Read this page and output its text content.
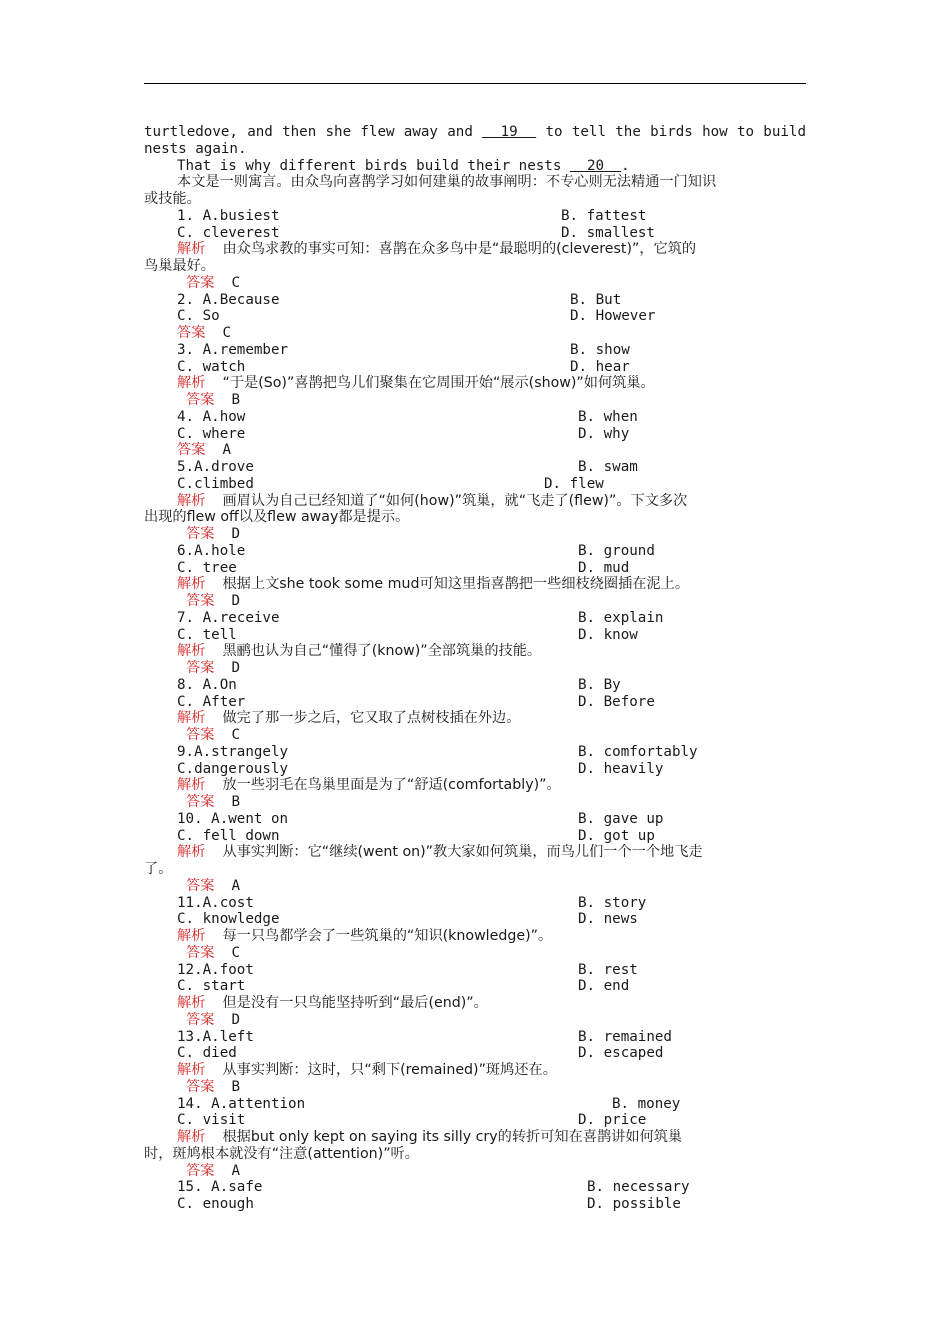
turtledove, and then she flew away and   19   to tell the birds how to build
nests again.
That is why different birds build their nests   20  .
本文是一则寓言。由众鸟向喜鹊学习如何建巢的故事阐明：不专心则无法精通一门知识
或技能。
1. A.busiest	B. fattest
C. cleverest	D. smallest
解析 由众鸟求教的事实可知：喜鹊在众多鸟中是“最聪明的(cleverest)”，它筑的
鸟巢最好。
答案 C
2. A.Because	B. But
C. So	D. However
答案 C
3. A.remember	B. show
C. watch	D. hear
解析 “于是(So)”喜鹊把鸟儿们聚集在它周围开始“展示(show)”如何筑巢。
答案 B
4. A.how	B. when
C. where	D. why
答案 A
5.A.drove	B. swam
C.climbed	D. flew
解析 画眉认为自己已经知道了“如何(how)”筑巢，就“飞走了(flew)”。下文多次
出现的flew off以及flew away都是提示。
答案 D
6.A.hole	B. ground
C. tree	D. mud
解析 根据上文she took some mud可知这里指喜鹊把一些细枝绕圈插在泥上。
答案 D
7. A.receive	B. explain
C. tell	D. know
解析 黑鹂也认为自己“懂得了(know)”全部筑巢的技能。
答案 D
8. A.On	B. By
C. After	D. Before
解析 做完了那一步之后，它又取了点树枝插在外边。
答案 C
9.A.strangely	B. comfortably
C.dangerously	D. heavily
解析 放一些羽毛在鸟巢里面是为了“舒适(comfortably)”。
答案 B
10. A.went on	B. gave up
C. fell down	D. got up
解析 从事实判断：它“继续(went on)”教大家如何筑巢，而鸟儿们一个一个地飞走
了。
答案 A
11.A.cost	B. story
C. knowledge	D. news
解析 每一只鸟都学会了一些筑巢的“知识(knowledge)”。
答案 C
12.A.foot	B. rest
C. start	D. end
解析 但是没有一只鸟能坚持听到“最后(end)”。
答案 D
13.A.left	B. remained
C. died	D. escaped
解析 从事实判断：这时，只“剩下(remained)”斑鸠还在。
答案 B
14. A.attention	B. money
C. visit	D. price
解析 根据but only kept on saying its silly cry的转折可知在喜鹊讲如何筑巢
时，斑鸠根本就没有“注意(attention)”听。
答案 A
15. A.safe	B. necessary
C. enough	D. possible
